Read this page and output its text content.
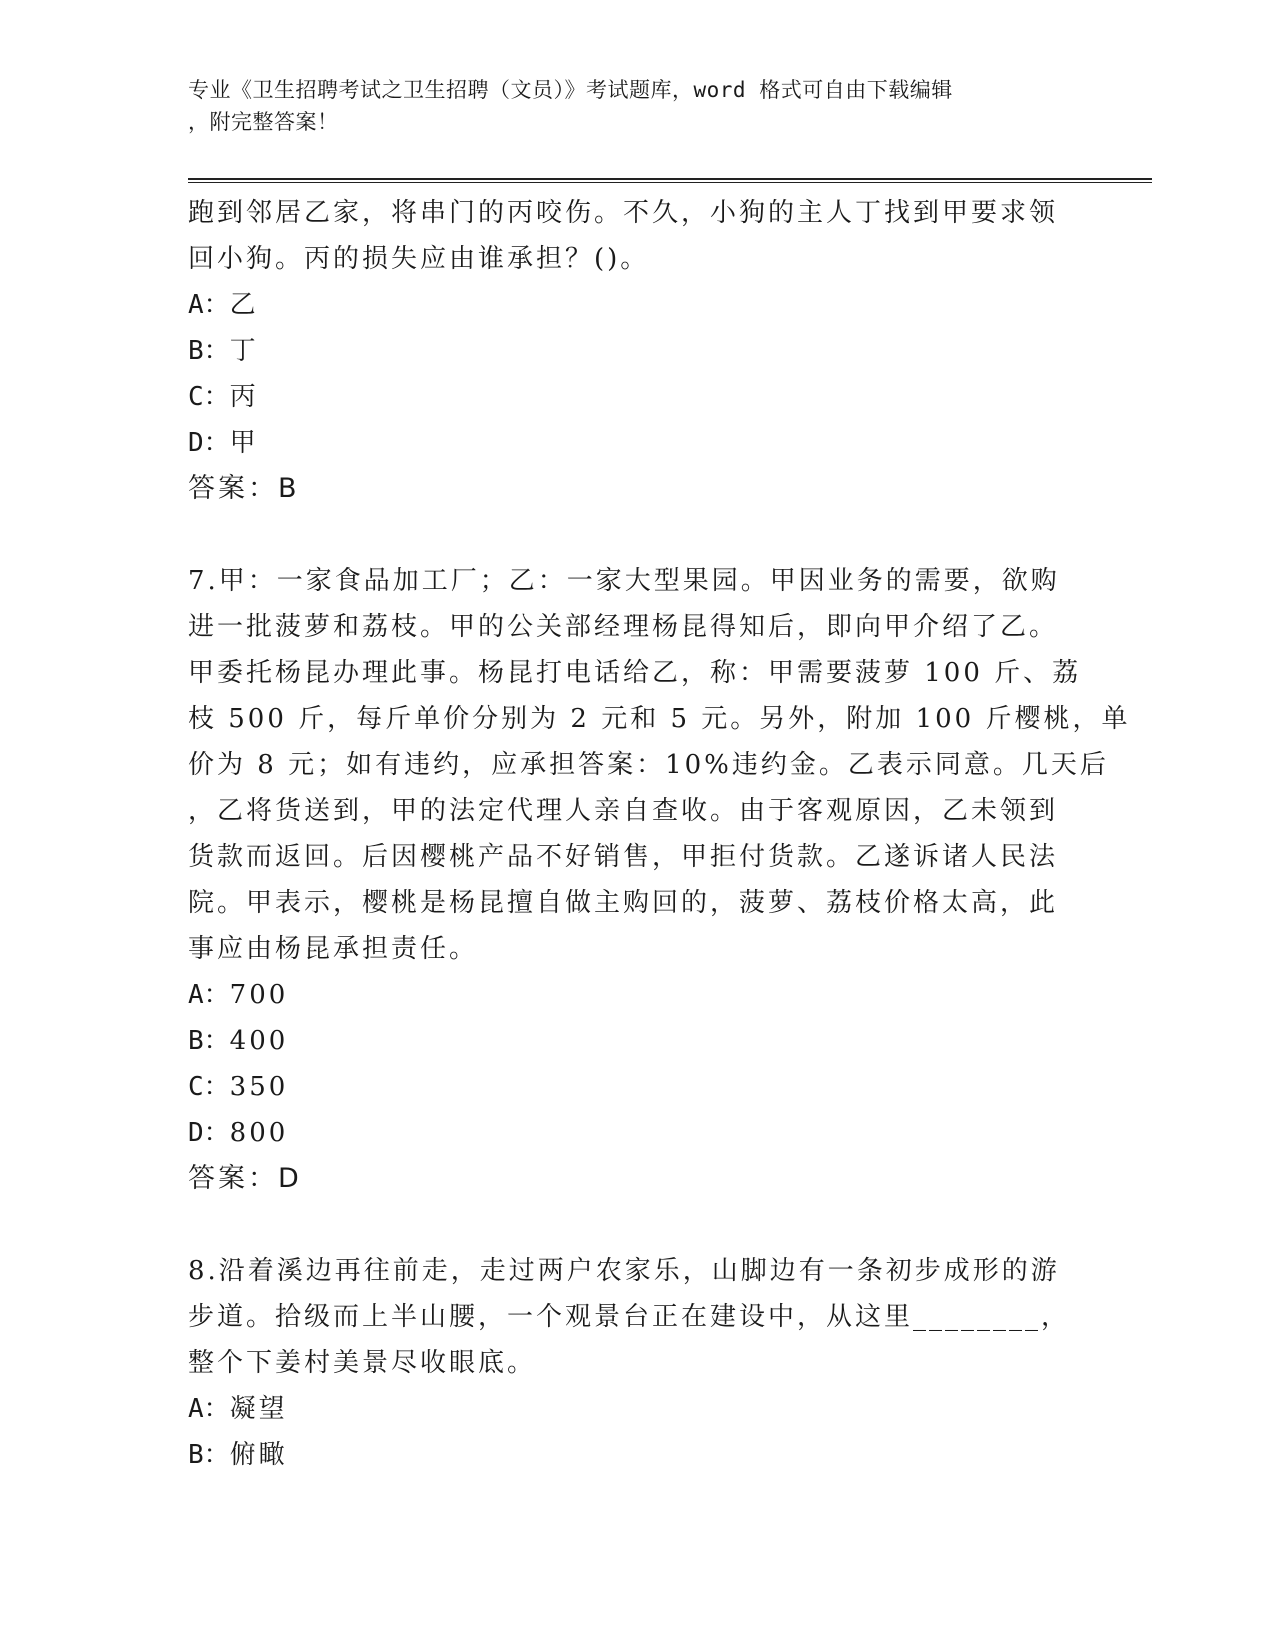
专业《卫生招聘考试之卫生招聘（文员）》考试题库，word 格式可自由下载编辑
，附完整答案！
跑到邻居乙家，将串门的丙咬伤。不久，小狗的主人丁找到甲要求领
回小狗。丙的损失应由谁承担？()。
A：乙
B：丁
C：丙
D：甲
答案：B
7.甲：一家食品加工厂；乙：一家大型果园。甲因业务的需要，欲购
进一批菠萝和荔枝。甲的公关部经理杨昆得知后，即向甲介绍了乙。
甲委托杨昆办理此事。杨昆打电话给乙，称：甲需要菠萝 100 斤、荔
枝 500 斤，每斤单价分别为 2 元和 5 元。另外，附加 100 斤樱桃，单
价为 8 元；如有违约，应承担答案：10%违约金。乙表示同意。几天后
，乙将货送到，甲的法定代理人亲自查收。由于客观原因，乙未领到
货款而返回。后因樱桃产品不好销售，甲拒付货款。乙遂诉诸人民法
院。甲表示，樱桃是杨昆擅自做主购回的，菠萝、荔枝价格太高，此
事应由杨昆承担责任。
A：700
B：400
C：350
D：800
答案：D
8.沿着溪边再往前走，走过两户农家乐，山脚边有一条初步成形的游
步道。拾级而上半山腰，一个观景台正在建设中，从这里________，
整个下姜村美景尽收眼底。
A：凝望
B：俯瞰
